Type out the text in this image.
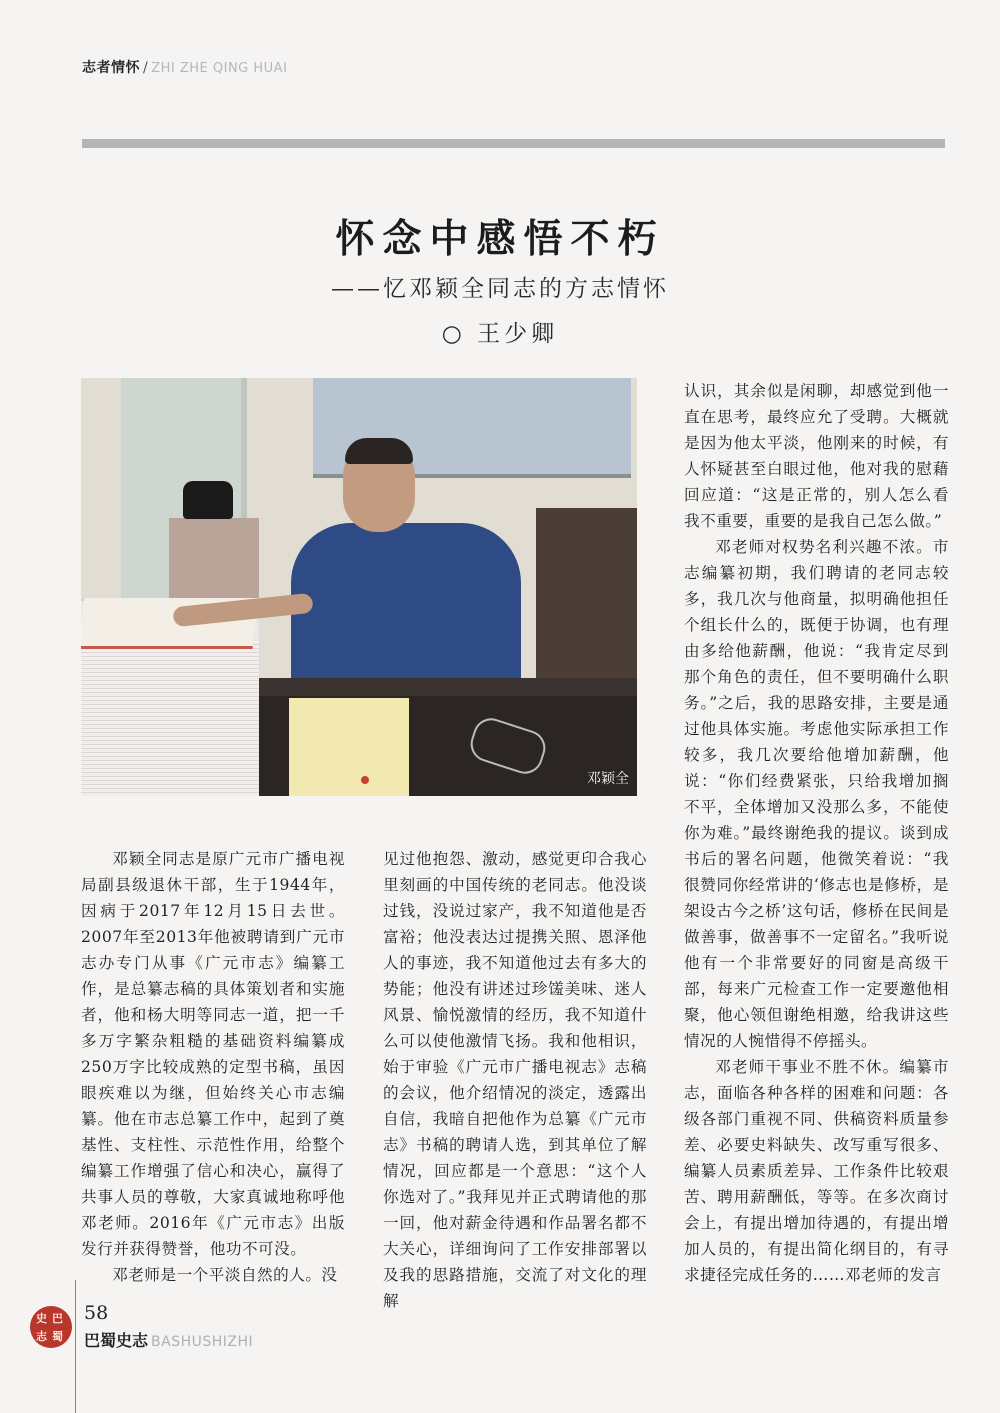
志者情怀 / ZHI ZHE QING HUAI
怀念中感悟不朽
——忆邓颖全同志的方志情怀
○ 王少卿
邓颖全

认识，其余似是闲聊，却感觉到他一直在思考，最终应允了受聘。大概就是因为他太平淡，他刚来的时候，有人怀疑甚至白眼过他，他对我的慰藉回应道：“这是正常的，别人怎么看我不重要，重要的是我自己怎么做。”

邓老师对权势名利兴趣不浓。市志编纂初期，我们聘请的老同志较多，我几次与他商量，拟明确他担任个组长什么的，既便于协调，也有理由多给他薪酬，他说：“我肯定尽到那个角色的责任，但不要明确什么职务。”之后，我的思路安排，主要是通过他具体实施。考虑他实际承担工作较多，我几次要给他增加薪酬，他说：“你们经费紧张，只给我增加搁不平，全体增加又没那么多，不能使你为难。”最终谢绝我的提议。谈到成书后的署名问题，他微笑着说：“我很赞同你经常讲的‘修志也是修桥，是架设古今之桥’这句话，修桥在民间是做善事，做善事不一定留名。”我听说他有一个非常要好的同窗是高级干部，每来广元检查工作一定要邀他相聚，他心领但谢绝相邀，给我讲这些情况的人惋惜得不停摇头。

邓老师干事业不胜不休。编纂市志，面临各种各样的困难和问题：各级各部门重视不同、供稿资料质量参差、必要史料缺失、改写重写很多、编纂人员素质差异、工作条件比较艰苦、聘用薪酬低，等等。在多次商讨会上，有提出增加待遇的，有提出增加人员的，有提出简化纲目的，有寻求捷径完成任务的……邓老师的发言

邓颖全同志是原广元市广播电视局副县级退休干部，生于1944年，因病于2017年12月15日去世。2007年至2013年他被聘请到广元市志办专门从事《广元市志》编纂工作，是总纂志稿的具体策划者和实施者，他和杨大明等同志一道，把一千多万字繁杂粗糙的基础资料编纂成250万字比较成熟的定型书稿，虽因眼疾难以为继，但始终关心市志编纂。他在市志总纂工作中，起到了奠基性、支柱性、示范性作用，给整个编纂工作增强了信心和决心，赢得了共事人员的尊敬，大家真诚地称呼他邓老师。2016年《广元市志》出版发行并获得赞誉，他功不可没。

邓老师是一个平淡自然的人。没

见过他抱怨、激动，感觉更印合我心里刻画的中国传统的老同志。他没谈过钱，没说过家产，我不知道他是否富裕；他没表达过提携关照、恩泽他人的事迹，我不知道他过去有多大的势能；他没有讲述过珍馐美味、迷人风景、愉悦激情的经历，我不知道什么可以使他激情飞扬。我和他相识，始于审验《广元市广播电视志》志稿的会议，他介绍情况的淡定，透露出自信，我暗自把他作为总纂《广元市志》书稿的聘请人选，到其单位了解情况，回应都是一个意思：“这个人你选对了。”我拜见并正式聘请他的那一回，他对薪金待遇和作品署名都不大关心，详细询问了工作安排部署以及我的思路措施，交流了对文化的理解

巴
蜀
史
志
58
巴蜀史志 BASHUSHIZHI
